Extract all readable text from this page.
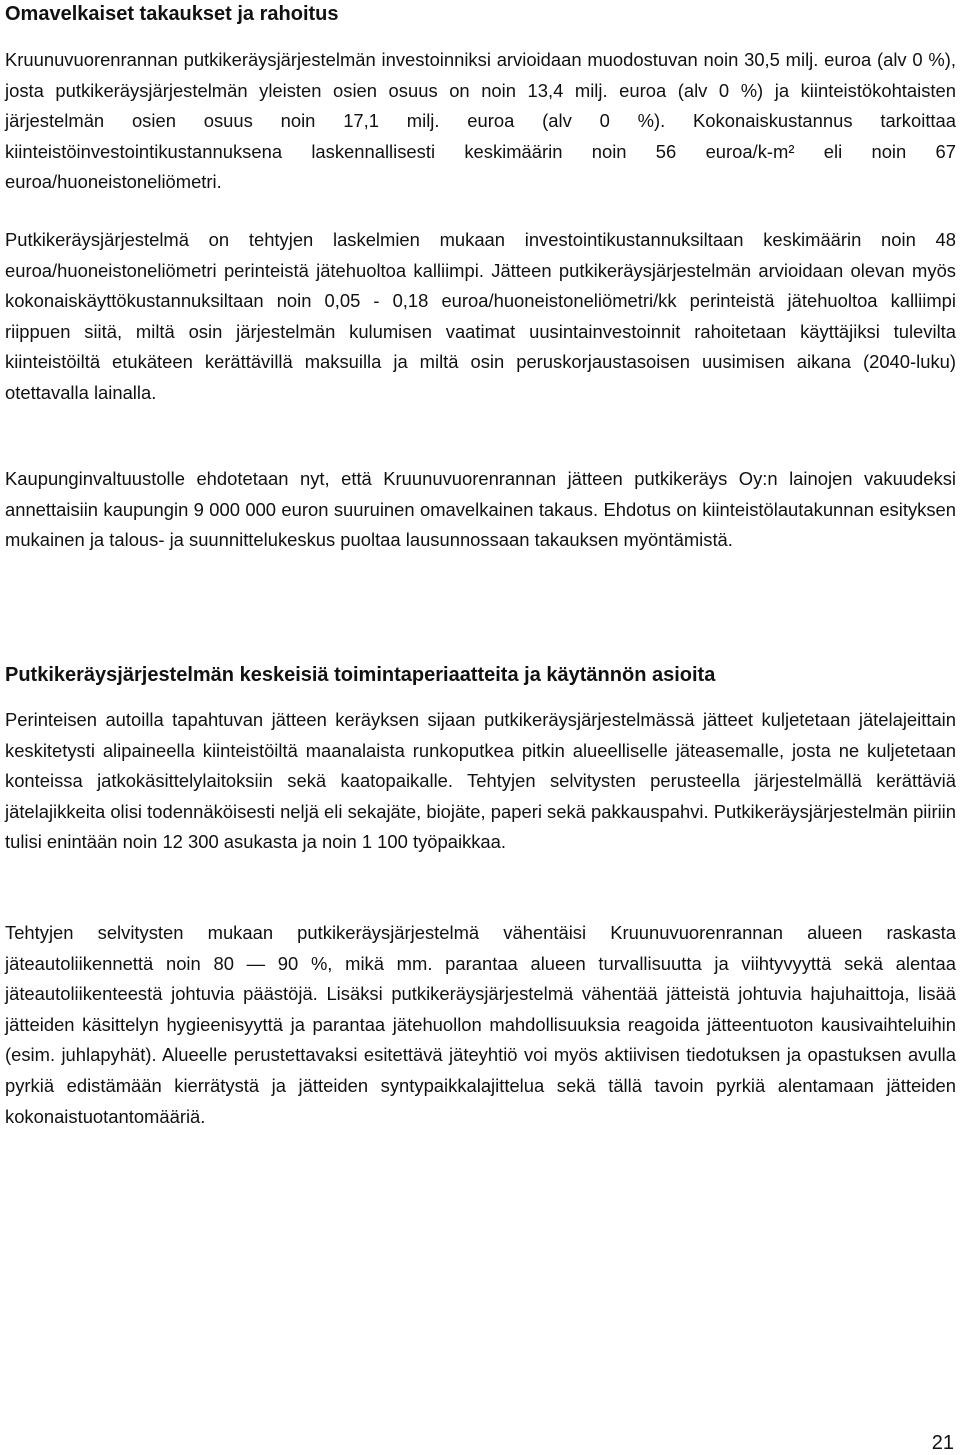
Omavelkaiset takaukset ja rahoitus

Kruunuvuorenrannan putkikeräysjärjestelmän investoinniksi arvioidaan muodostuvan noin 30,5 milj. euroa (alv 0 %), josta putkikeräysjärjestelmän yleisten osien osuus on noin 13,4 milj. euroa (alv 0 %) ja kiinteistökohtaisten järjestelmän osien osuus noin 17,1 milj. euroa (alv 0 %). Kokonaiskustannus tarkoittaa kiinteistöinvestointikustannuksena laskennallisesti keskimäärin noin 56 euroa/k-m² eli noin 67 euroa/huoneistoneliömetri.

Putkikeräysjärjestelmä on tehtyjen laskelmien mukaan investointikustannuksiltaan keskimäärin noin 48 euroa/huoneistoneliömetri perinteistä jätehuoltoa kalliimpi. Jätteen putkikeräysjärjestelmän arvioidaan olevan myös kokonaiskäyttökustannuksiltaan noin 0,05 - 0,18 euroa/huoneistoneliömetri/kk perinteistä jätehuoltoa kalliimpi riippuen siitä, miltä osin järjestelmän kulumisen vaatimat uusintainvestoinnit rahoitetaan käyttäjiksi tulevilta kiinteistöiltä etukäteen kerättävillä maksuilla ja miltä osin peruskorjaustasoisen uusimisen aikana (2040-luku) otettavalla lainalla.

Kaupunginvaltuustolle ehdotetaan nyt, että Kruunuvuorenrannan jätteen putkikeräys Oy:n lainojen vakuudeksi annettaisiin kaupungin 9 000 000 euron suuruinen omavelkainen takaus. Ehdotus on kiinteistölautakunnan esityksen mukainen ja talous- ja suunnittelukeskus puoltaa lausunnossaan takauksen myöntämistä.

Putkikeräysjärjestelmän keskeisiä toimintaperiaatteita ja käytännön asioita

Perinteisen autoilla tapahtuvan jätteen keräyksen sijaan putkikeräysjärjestelmässä jätteet kuljetetaan jätelajeittain keskitetysti alipaineella kiinteistöiltä maanalaista runkoputkea pitkin alueelliselle jäteasemalle, josta ne kuljetetaan konteissa jatkokäsittelylaitoksiin sekä kaatopaikalle. Tehtyjen selvitysten perusteella järjestelmällä kerättäviä jätelajikkeita olisi todennäköisesti neljä eli sekajäte, biojäte, paperi sekä pakkauspahvi. Putkikeräysjärjestelmän piiriin tulisi enintään noin 12 300 asukasta ja noin 1 100 työpaikkaa.

Tehtyjen selvitysten mukaan putkikeräysjärjestelmä vähentäisi Kruunuvuorenrannan alueen raskasta jäteautoliikennettä noin 80 — 90 %, mikä mm. parantaa alueen turvallisuutta ja viihtyvyyttä sekä alentaa jäteautoliikenteestä johtuvia päästöjä. Lisäksi putkikeräysjärjestelmä vähentää jätteistä johtuvia hajuhaittoja, lisää jätteiden käsittelyn hygieenisyyttä ja parantaa jätehuollon mahdollisuuksia reagoida jätteentuoton kausivaihteluihin (esim. juhlapyhät). Alueelle perustettavaksi esitettävä jäteyhtiö voi myös aktiivisen tiedotuksen ja opastuksen avulla pyrkiä edistämään kierrätystä ja jätteiden syntypaikkalajittelua sekä tällä tavoin pyrkiä alentamaan jätteiden kokonaistuotantomääriä.

21
